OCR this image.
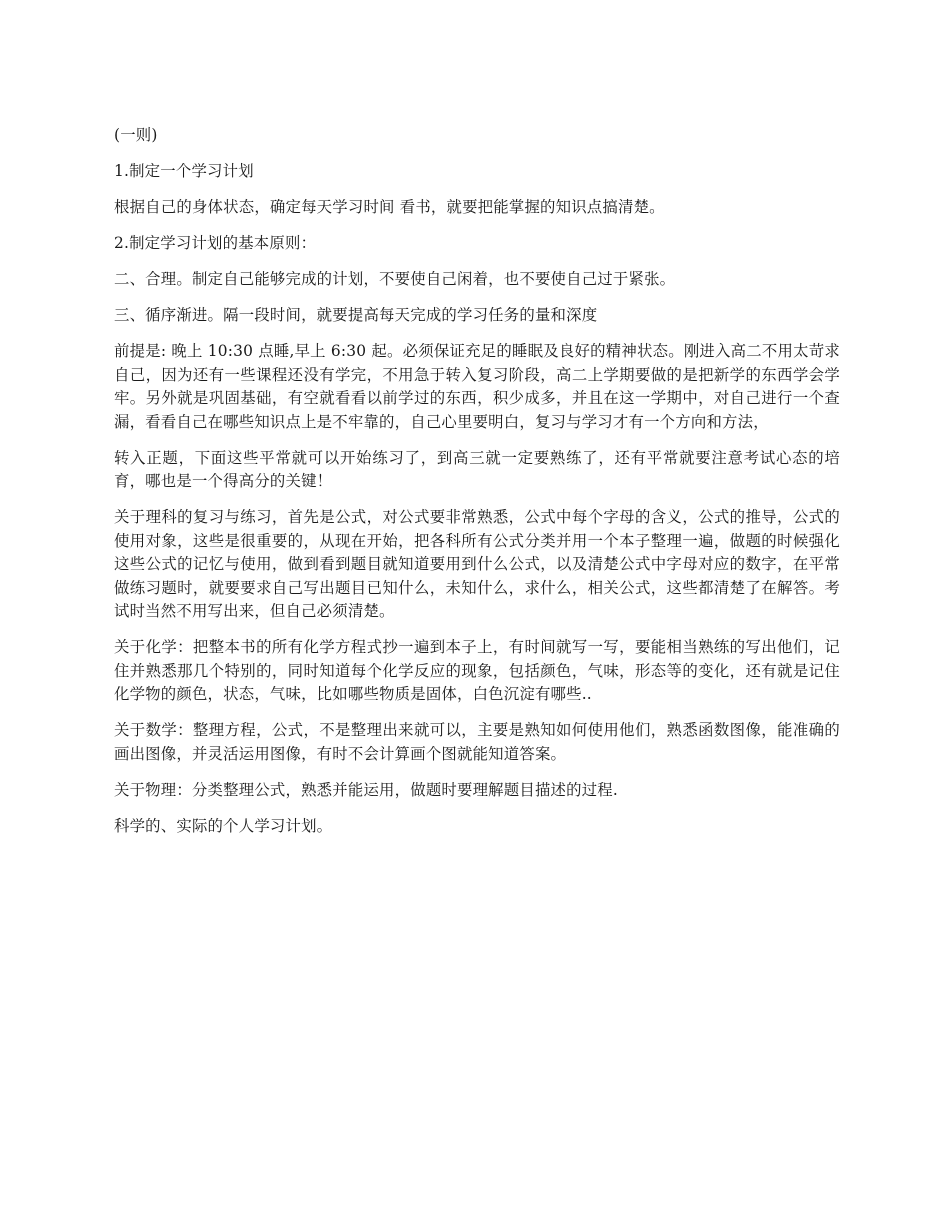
(一则)

1.制定一个学习计划

根据自己的身体状态，确定每天学习时间 看书，就要把能掌握的知识点搞清楚。

2.制定学习计划的基本原则：

二、合理。制定自己能够完成的计划，不要使自己闲着，也不要使自己过于紧张。

三、循序渐进。隔一段时间，就要提高每天完成的学习任务的量和深度

前提是: 晚上 10:30 点睡,早上 6:30 起。必须保证充足的睡眠及良好的精神状态。刚进入高二不用太苛求自己，因为还有一些课程还没有学完，不用急于转入复习阶段，高二上学期要做的是把新学的东西学会学牢。另外就是巩固基础，有空就看看以前学过的东西，积少成多，并且在这一学期中，对自己进行一个查漏，看看自己在哪些知识点上是不牢靠的，自己心里要明白，复习与学习才有一个方向和方法，

转入正题，下面这些平常就可以开始练习了，到高三就一定要熟练了，还有平常就要注意考试心态的培育，哪也是一个得高分的关键！

关于理科的复习与练习，首先是公式，对公式要非常熟悉，公式中每个字母的含义，公式的推导，公式的使用对象，这些是很重要的，从现在开始，把各科所有公式分类并用一个本子整理一遍，做题的时候强化这些公式的记忆与使用，做到看到题目就知道要用到什么公式，以及清楚公式中字母对应的数字，在平常做练习题时，就要要求自己写出题目已知什么，未知什么，求什么，相关公式，这些都清楚了在解答。考试时当然不用写出来，但自己必须清楚。

关于化学：把整本书的所有化学方程式抄一遍到本子上，有时间就写一写，要能相当熟练的写出他们，记住并熟悉那几个特别的，同时知道每个化学反应的现象，包括颜色，气味，形态等的变化，还有就是记住化学物的颜色，状态，气味，比如哪些物质是固体，白色沉淀有哪些..

关于数学：整理方程，公式，不是整理出来就可以，主要是熟知如何使用他们，熟悉函数图像，能准确的画出图像，并灵活运用图像，有时不会计算画个图就能知道答案。

关于物理：分类整理公式，熟悉并能运用，做题时要理解题目描述的过程.

科学的、实际的个人学习计划。
